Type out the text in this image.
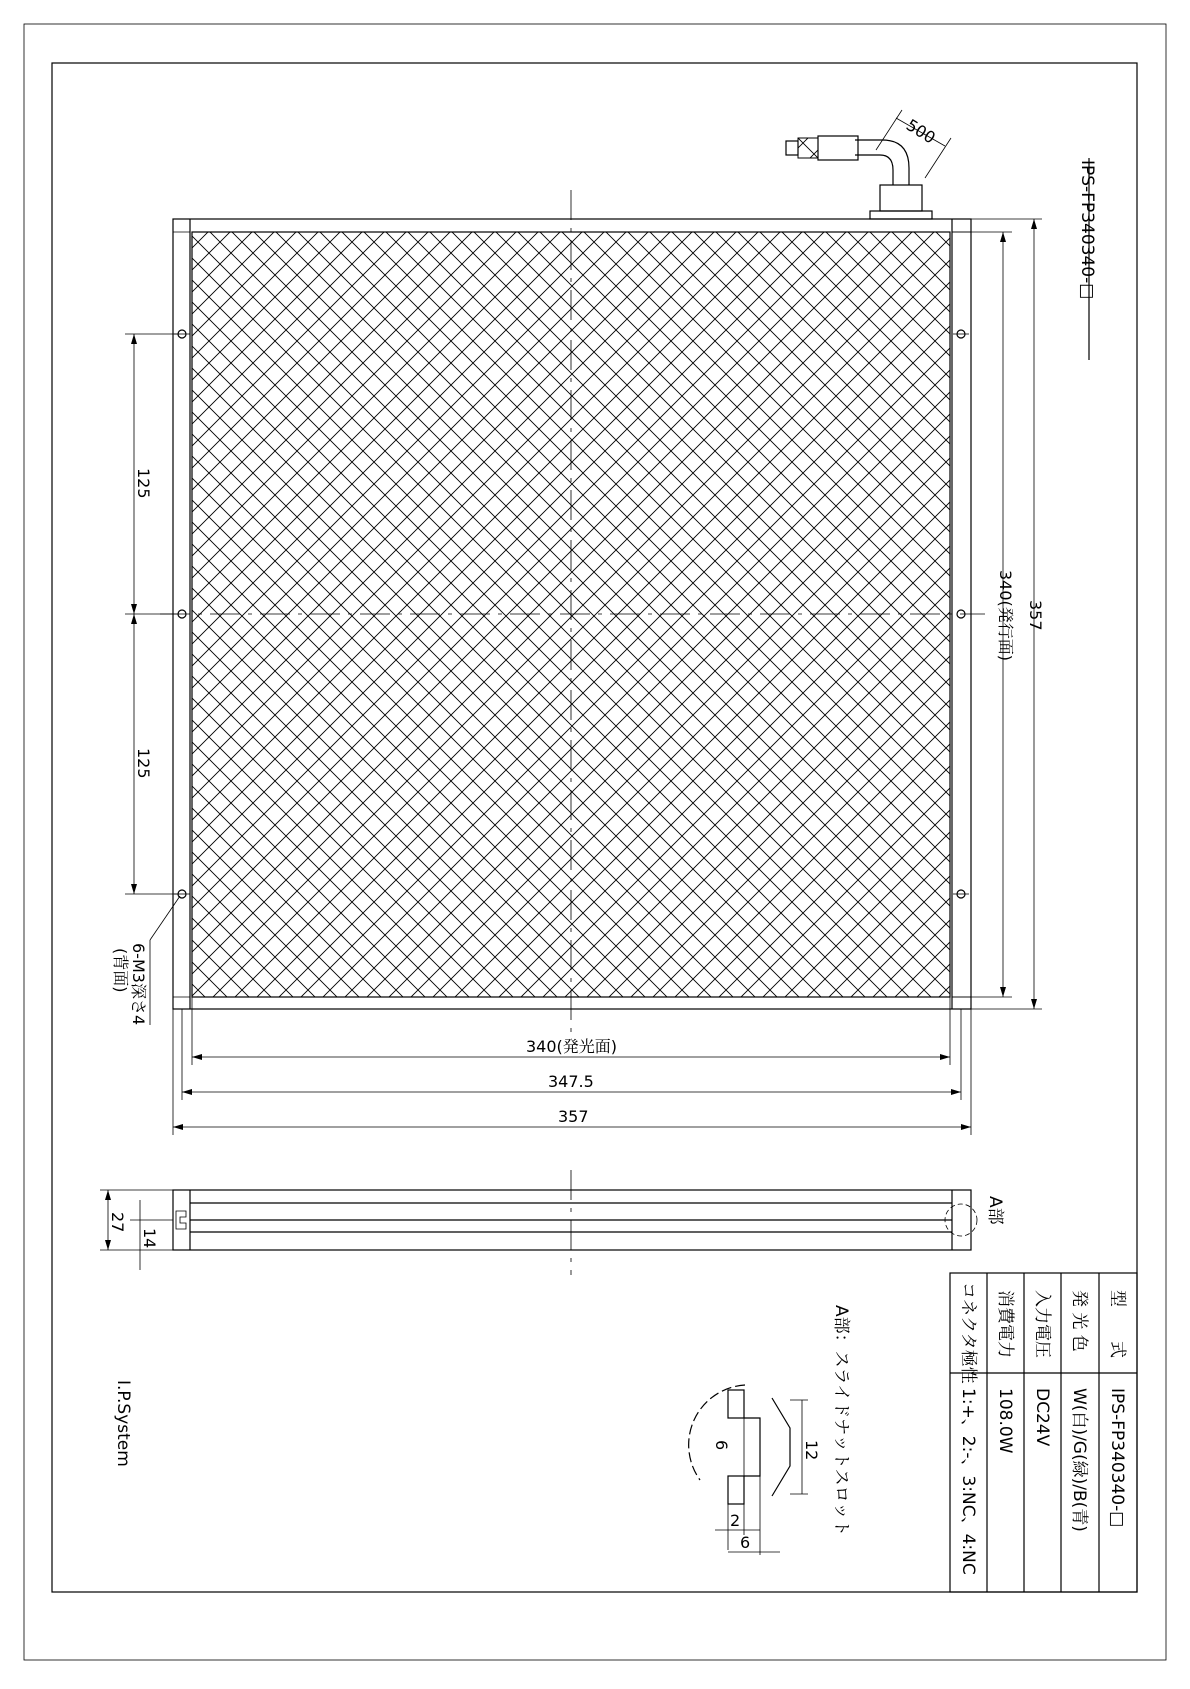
500
IPS-FP340340-□
340(発行面) 357
125
125
6-M3深さ4
(背面)
340(発光面)
347.5
357
27
14
A部
型　　式
IPS-FP340340-□
発 光 色
W(白)/G(緑)/B(青)
入力電圧
DC24V
消費電力
108.0W
コネクタ極性
1:+、2:-、3:NC、4:NC
A部：スライドナットスロット
12
6
2
6
I.P.System
